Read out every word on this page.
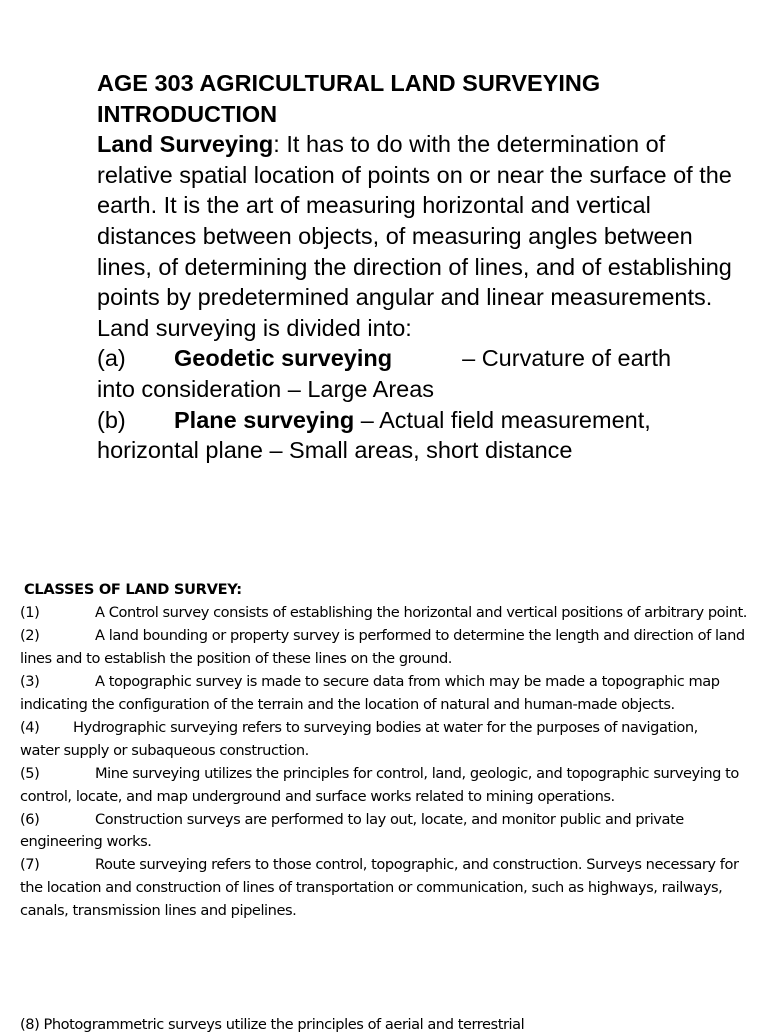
AGE 303 AGRICULTURAL LAND SURVEYING

INTRODUCTION

Land Surveying: It has to do with the determination of relative spatial location of points on or near the surface of the earth. It is the art of measuring horizontal and vertical distances between objects, of measuring angles between lines, of determining the direction of lines, and of establishing points by predetermined angular and linear measurements.

Land surveying is divided into:

(a) Geodetic surveying	– Curvature of earth
into consideration – Large Areas

(b) Plane surveying – Actual field measurement, horizontal plane – Small areas, short distance

CLASSES OF LAND SURVEY:

(1)	A Control survey consists of establishing the horizontal and vertical positions of arbitrary point.

(2)	A land bounding or property survey is performed to determine the length and direction of land lines and to establish the position of these lines on the ground.

(3)	A topographic survey is made to secure data from which may be made a topographic map indicating the configuration of the terrain and the location of natural and human-made objects.

(4) Hydrographic surveying refers to surveying bodies at water for the purposes of navigation,
water supply or subaqueous construction.

(5)	Mine surveying utilizes the principles for control, land, geologic, and topographic surveying to control, locate, and map underground and surface works related to mining operations.

(6)	Construction surveys are performed to lay out, locate, and monitor public and private engineering works.

(7)	Route surveying refers to those control, topographic, and construction. Surveys necessary for the location and construction of lines of transportation or communication, such as highways, railways, canals, transmission lines and pipelines.

(8) Photogrammetric surveys utilize the principles of aerial and terrestrial
